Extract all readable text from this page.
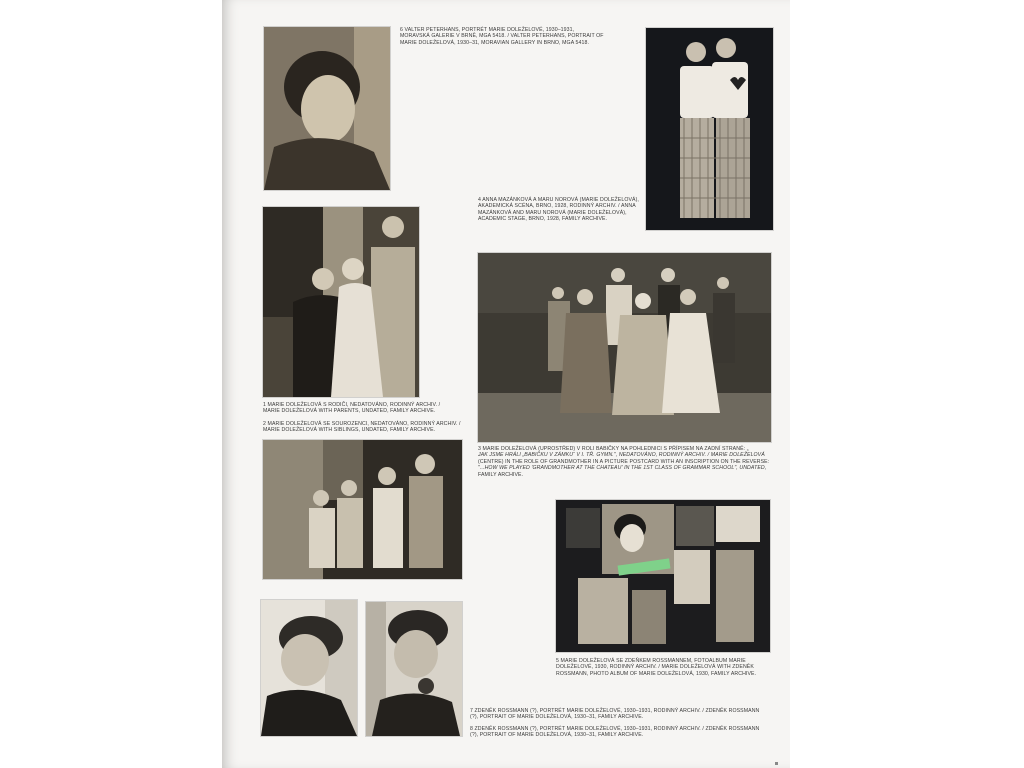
6 VALTER PETERHANS, PORTRÉT MARIE DOLEŽELOVÉ, 1930–1931,
MORAVSKÁ GALERIE V BRNĚ, MGA 5418. / VALTER PETERHANS, PORTRAIT OF
MARIE DOLEŽELOVÁ, 1930–31, MORAVIAN GALLERY IN BRNO, MGA 5418.
4 ANNA MAZÁNKOVÁ A MARU NOROVÁ (MARIE DOLEŽELOVÁ),
AKADEMICKÁ SCÉNA, BRNO, 1928, RODINNÝ ARCHIV. / ANNA
MAZÁNKOVÁ AND MARU NOROVÁ (MARIE DOLEŽELOVÁ),
ACADEMIC STAGE, BRNO, 1928, FAMILY ARCHIVE.
1 MARIE DOLEŽELOVÁ S RODIČI, NEDATOVÁNO, RODINNÝ ARCHIV. /
MARIE DOLEŽELOVÁ WITH PARENTS, UNDATED, FAMILY ARCHIVE.
2 MARIE DOLEŽELOVÁ SE SOUROZENCI, NEDATOVÁNO, RODINNÝ ARCHIV. /
MARIE DOLEŽELOVÁ WITH SIBLINGS, UNDATED, FAMILY ARCHIVE.
3 MARIE DOLEŽELOVÁ (UPROSTŘED) V ROLI BABIČKY NA POHLEDNICI S PŘÍPISEM NA ZADNÍ STRANĚ: „
JAK JSME HRÁLI „BABIČKU V ZÁMKU“ V I. TŘ. GYMN.", NEDATOVÁNO, RODINNÝ ARCHIV. / MARIE DOLEŽELOVÁ
(CENTRE) IN THE ROLE OF GRANDMOTHER IN A PICTURE POSTCARD WITH AN INSCRIPTION ON THE REVERSE:
"...HOW WE PLAYED 'GRANDMOTHER AT THE CHATEAU' IN THE 1ST CLASS OF GRAMMAR SCHOOL", UNDATED,
FAMILY ARCHIVE.
5 MARIE DOLEŽELOVÁ SE ZDEŇKEM ROSSMANNEM, FOTOALBUM MARIE
DOLEŽELOVÉ, 1930, RODINNÝ ARCHIV. / MARIE DOLEŽELOVÁ WITH ZDENĚK
ROSSMANN, PHOTO ALBUM OF MARIE DOLEŽELOVÁ, 1930, FAMILY ARCHIVE.
7 ZDENĚK ROSSMANN (?), PORTRÉT MARIE DOLEŽELOVÉ, 1930–1931, RODINNÝ ARCHIV. / ZDENĚK ROSSMANN
(?), PORTRAIT OF MARIE DOLEŽELOVÁ, 1930–31, FAMILY ARCHIVE.
8 ZDENĚK ROSSMANN (?), PORTRÉT MARIE DOLEŽELOVÉ, 1930–1931, RODINNÝ ARCHIV. / ZDENĚK ROSSMANN
(?), PORTRAIT OF MARIE DOLEŽELOVÁ, 1930–31, FAMILY ARCHIVE.
